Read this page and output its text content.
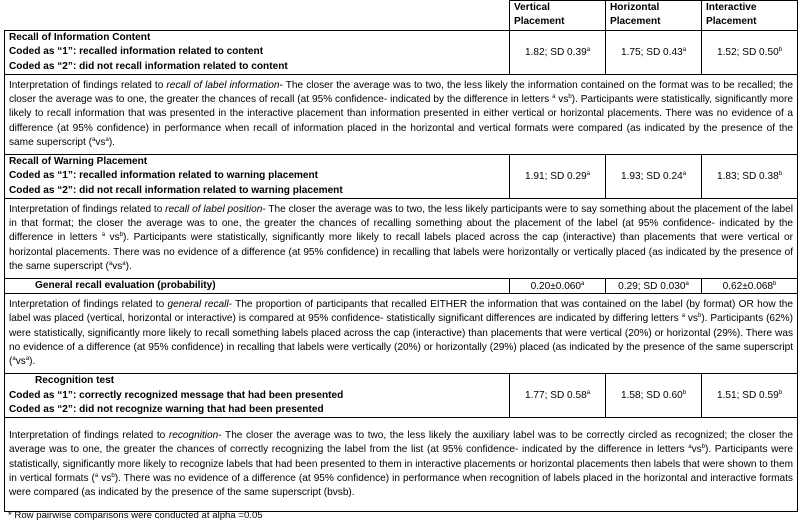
	Vertical Placement	Horizontal Placement	Interactive Placement

Recall of Information Content
Coded as “1”: recalled information related to content
Coded as “2”: did not recall information related to content	1.82; SD 0.39$^a$	1.75; SD 0.43$^a$	1.52; SD 0.50$^b$
Interpretation of findings related to recall of label information- The closer the average was to two, the less likely the information contained on the format was to be recalled; the closer the average was to one, the greater the chances of recall (at 95% confidence- indicated by the difference in letters $^a$ $vs^b$). Participants were statistically, significantly more likely to recall information that was presented in the interactive placement than information presented in either vertical or horizontal placements. There was no evidence of a difference (at 95% confidence) in performance when recall of information placed in the horizontal and vertical formats were compared (as indicated by the presence of the same superscript $(^avs^a)$.			

Recall of Warning Placement
Coded as “1”: recalled information related to warning placement
Coded as “2”: did not recall information related to warning placement	1.91; SD 0.29$^a$	1.93; SD 0.24$^a$	1.83; SD 0.38$^b$
Interpretation of findings related to recall of label position- The closer the average was to two, the less likely participants were to say something about the placement of the label in that format; the closer the average was to one, the greater the chances of recalling something about the placement of the label (at 95% confidence- indicated by the difference in letters $^a$ $vs^b$). Participants were statistically, significantly more likely to recall labels placed across the cap (interactive) than placements that were vertical or horizontal placements. There was no evidence of a difference (at 95% confidence) in recalling that labels were horizontally or vertically placed (as indicated by the presence of the same superscript $(^avs^a)$.			

General recall evaluation (probability)	0.20±0.060$^a$	0.29; SD 0.030$^a$	0.62±0.068$^b$
Interpretation of findings related to general recall- The proportion of participants that recalled EITHER the information that was contained on the label (by format) OR how the label was placed (vertical, horizontal or interactive) is compared at 95% confidence- statistically significant differences are indicated by differing letters $^a$ $vs^b$). Participants (62%) were statistically, significantly more likely to recall something labels placed across the cap (interactive) than placements that were vertical (20%) or horizontal (29%). There was no evidence of a difference (at 95% confidence) in recalling that labels were vertically (20%) or horizontally (29%) placed (as indicated by the presence of the same superscript $(^avs^a)$.			

Recognition test
Coded as “1”: correctly recognized message that had been presented
Coded as “2”: did not recognize warning that had been presented	1.77; SD 0.58$^a$	1.58; SD 0.60$^b$	1.51; SD 0.59$^b$
Interpretation of findings related to recognition- The closer the average was to two, the less likely the auxiliary label was to be correctly circled as recognized; the closer the average was to one, the greater the chances of correctly recognizing the label from the list (at 95% confidence- indicated by the difference in letters $^avs^b$). Participants were statistically, significantly more likely to recognize labels that had been presented to them in interactive placements or horizontal placements then labels that were shown to them in vertical formats ($^a$ $vs^b$). There was no evidence of a difference (at 95% confidence) in performance when recognition of labels placed in the horizontal and interactive formats were compared (as indicated by the presence of the same superscript (bvsb).			
* Row pairwise comparisons were conducted at alpha =0.05
